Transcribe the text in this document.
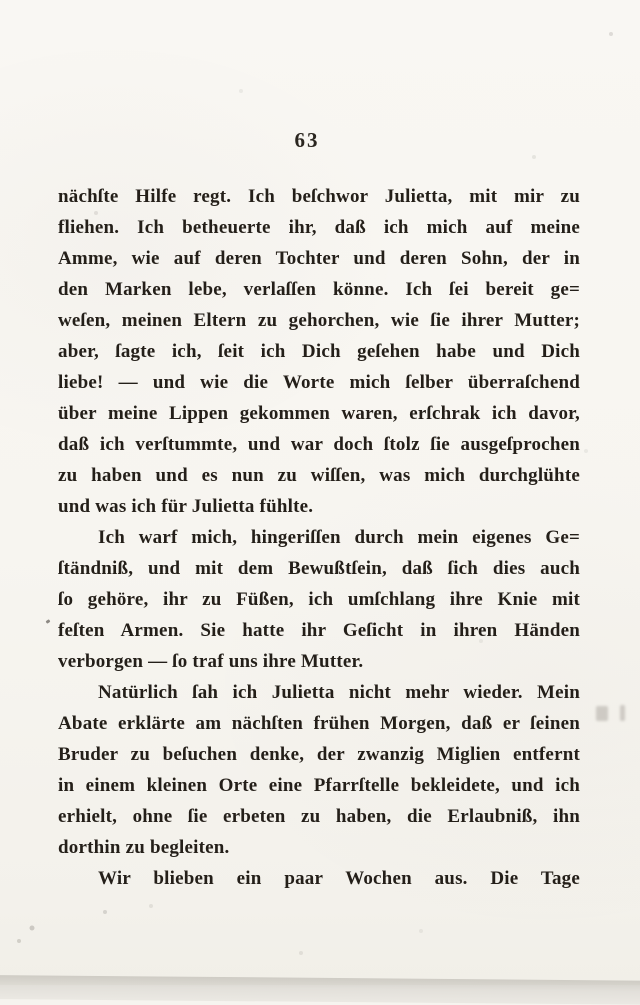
63
nächſte Hilfe regt. Ich beſchwor Julietta, mit mir zu
fliehen. Ich betheuerte ihr, daß ich mich auf meine
Amme, wie auf deren Tochter und deren Sohn, der in
den Marken lebe, verlaſſen könne. Ich ſei bereit ge=
weſen, meinen Eltern zu gehorchen, wie ſie ihrer Mutter;
aber, ſagte ich, ſeit ich Dich geſehen habe und Dich
liebe! — und wie die Worte mich ſelber überraſchend
über meine Lippen gekommen waren, erſchrak ich davor,
daß ich verſtummte, und war doch ſtolz ſie ausgeſprochen
zu haben und es nun zu wiſſen, was mich durchglühte
und was ich für Julietta fühlte.
Ich warf mich, hingeriſſen durch mein eigenes Ge=
ſtändniß, und mit dem Bewußtſein, daß ſich dies auch
ſo gehöre, ihr zu Füßen, ich umſchlang ihre Knie mit
feſten Armen. Sie hatte ihr Geſicht in ihren Händen
verborgen — ſo traf uns ihre Mutter.
Natürlich ſah ich Julietta nicht mehr wieder. Mein
Abate erklärte am nächſten frühen Morgen, daß er ſeinen
Bruder zu beſuchen denke, der zwanzig Miglien entfernt
in einem kleinen Orte eine Pfarrſtelle bekleidete, und ich
erhielt, ohne ſie erbeten zu haben, die Erlaubniß, ihn
dorthin zu begleiten.
Wir blieben ein paar Wochen aus. Die Tage
